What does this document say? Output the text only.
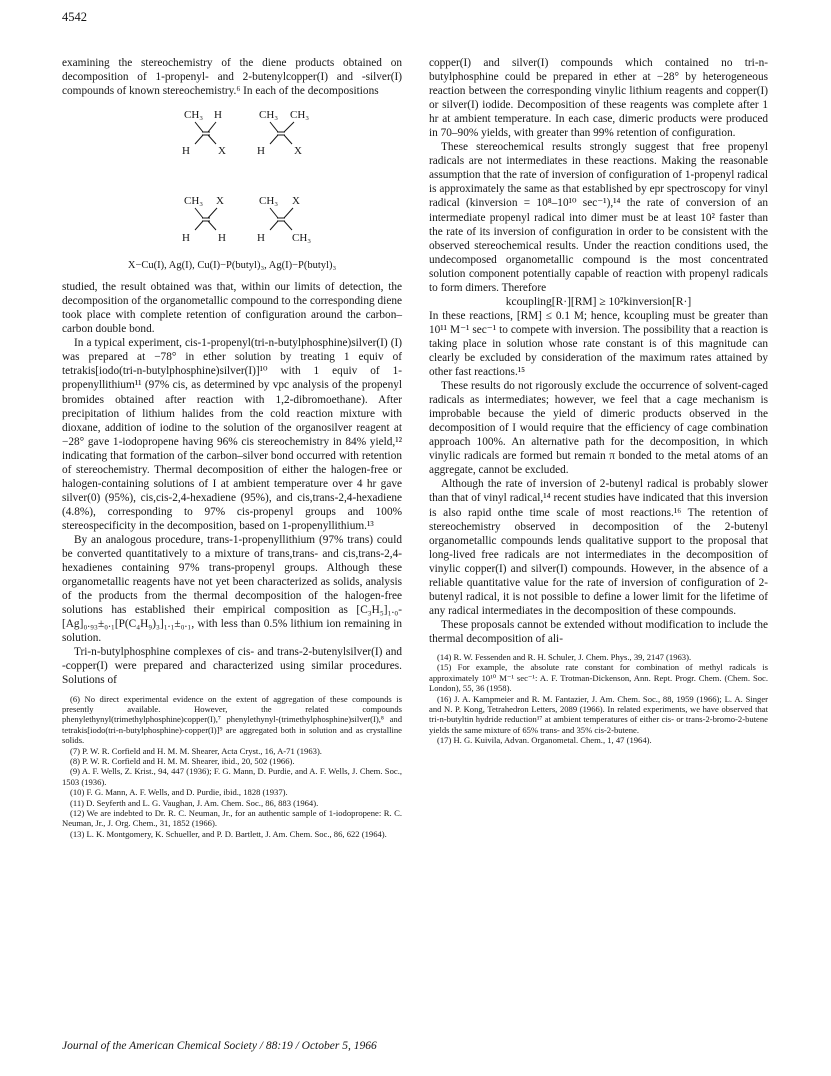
4542

examining the stereochemistry of the diene products obtained on decomposition of 1-propenyl- and 2-butenylcopper(I) and -silver(I) compounds of known stereochemistry.⁶ In each of the decompositions

CH₃ H
H	X
CH₃ CH₃
H	X
CH₃ X
H	H
CH₃ X
H CH₃
X−Cu(I), Ag(I), Cu(I)−P(butyl)₃, Ag(I)−P(butyl)₃

studied, the result obtained was that, within our limits of detection, the decomposition of the organometallic compound to the corresponding diene took place with complete retention of configuration around the carbon–carbon double bond.

In a typical experiment, cis-1-propenyl(tri-n-butylphosphine)silver(I) (I) was prepared at −78° in ether solution by treating 1 equiv of tetrakis[iodo(tri-n-butylphosphine)silver(I)]¹⁰ with 1 equiv of 1-propenyllithium¹¹ (97% cis, as determined by vpc analysis of the propenyl bromides obtained after reaction with 1,2-dibromoethane). After precipitation of lithium halides from the cold reaction mixture with dioxane, addition of iodine to the solution of the organosilver reagent at −28° gave 1-iodopropene having 96% cis stereochemistry in 84% yield,¹² indicating that formation of the carbon–silver bond occurred with retention of stereochemistry. Thermal decomposition of either the halogen-free or halogen-containing solutions of I at ambient temperature over 4 hr gave silver(0) (95%), cis,cis-2,4-hexadiene (95%), and cis,trans-2,4-hexadiene (4.8%), corresponding to 97% cis-propenyl groups and 100% stereospecificity in the decomposition, based on 1-propenyllithium.¹³

By an analogous procedure, trans-1-propenyllithium (97% trans) could be converted quantitatively to a mixture of trans,trans- and cis,trans-2,4-hexadienes containing 97% trans-propenyl groups. Although these organometallic reagents have not yet been characterized as solids, analysis of the products from the thermal decomposition of the halogen-free solutions has established their empirical composition as [C₃H₅]₁.₀-[Ag]₀.₉₃±₀.₁[P(C₄H₉)₃]₁.₁±₀.₁, with less than 0.5% lithium ion remaining in solution.

Tri-n-butylphosphine complexes of cis- and trans-2-butenylsilver(I) and -copper(I) were prepared and characterized using similar procedures. Solutions of

(6) No direct experimental evidence on the extent of aggregation of these compounds is presently available. However, the related compounds phenylethynyl(trimethylphosphine)copper(I),⁷ phenylethynyl-(trimethylphosphine)silver(I),⁸ and tetrakis[iodo(tri-n-butylphosphine)-copper(I)]⁹ are aggregated both in solution and as crystalline solids.
(7) P. W. R. Corfield and H. M. M. Shearer, Acta Cryst., 16, A-71 (1963).
(8) P. W. R. Corfield and H. M. M. Shearer, ibid., 20, 502 (1966).
(9) A. F. Wells, Z. Krist., 94, 447 (1936); F. G. Mann, D. Purdie, and A. F. Wells, J. Chem. Soc., 1503 (1936).
(10) F. G. Mann, A. F. Wells, and D. Purdie, ibid., 1828 (1937).
(11) D. Seyferth and L. G. Vaughan, J. Am. Chem. Soc., 86, 883 (1964).
(12) We are indebted to Dr. R. C. Neuman, Jr., for an authentic sample of 1-iodopropene: R. C. Neuman, Jr., J. Org. Chem., 31, 1852 (1966).
(13) L. K. Montgomery, K. Schueller, and P. D. Bartlett, J. Am. Chem. Soc., 86, 622 (1964).

copper(I) and silver(I) compounds which contained no tri-n-butylphosphine could be prepared in ether at −28° by heterogeneous reaction between the corresponding vinylic lithium reagents and copper(I) or silver(I) iodide. Decomposition of these reagents was complete after 1 hr at ambient temperature. In each case, dimeric products were produced in 70–90% yields, with greater than 99% retention of configuration.

These stereochemical results strongly suggest that free propenyl radicals are not intermediates in these reactions. Making the reasonable assumption that the rate of inversion of configuration of 1-propenyl radical is approximately the same as that established by epr spectroscopy for vinyl radical (kinversion = 10⁸–10¹⁰ sec⁻¹),¹⁴ the rate of conversion of an intermediate propenyl radical into dimer must be at least 10² faster than the rate of its inversion of configuration in order to be consistent with the observed stereochemical results. Under the reaction conditions used, the undecomposed organometallic compound is the most concentrated solution component potentially capable of reaction with propenyl radicals to form dimers. Therefore

kcoupling[R·][RM] ≥ 10²kinversion[R·]

In these reactions, [RM] ≤ 0.1 M; hence, kcoupling must be greater than 10¹¹ M⁻¹ sec⁻¹ to compete with inversion. The possibility that a reaction is taking place in solution whose rate constant is of this magnitude can clearly be excluded by consideration of the maximum rates attained by other fast reactions.¹⁵

These results do not rigorously exclude the occurrence of solvent-caged radicals as intermediates; however, we feel that a cage mechanism is improbable because the yield of dimeric products observed in the decomposition of I would require that the efficiency of cage combination approach 100%. An alternative path for the decomposition, in which vinylic radicals are formed but remain π bonded to the metal atoms of an aggregate, cannot be excluded.

Although the rate of inversion of 2-butenyl radical is probably slower than that of vinyl radical,¹⁴ recent studies have indicated that this inversion is also rapid onthe time scale of most reactions.¹⁶ The retention of stereochemistry observed in decomposition of the 2-butenyl organometallic compounds lends qualitative support to the proposal that long-lived free radicals are not intermediates in the decomposition of vinylic copper(I) and silver(I) compounds. However, in the absence of a reliable quantitative value for the rate of inversion of configuration of 2-butenyl radical, it is not possible to define a lower limit for the lifetime of any radical intermediates in the decomposition of these compounds.

These proposals cannot be extended without modification to include the thermal decomposition of ali-

(14) R. W. Fessenden and R. H. Schuler, J. Chem. Phys., 39, 2147 (1963).
(15) For example, the absolute rate constant for combination of methyl radicals is approximately 10¹⁰ M⁻¹ sec⁻¹: A. F. Trotman-Dickenson, Ann. Rept. Progr. Chem. (Chem. Soc. London), 55, 36 (1958).
(16) J. A. Kampmeier and R. M. Fantazier, J. Am. Chem. Soc., 88, 1959 (1966); L. A. Singer and N. P. Kong, Tetrahedron Letters, 2089 (1966). In related experiments, we have observed that tri-n-butyltin hydride reduction¹⁷ at ambient temperatures of either cis- or trans-2-bromo-2-butene yields the same mixture of 65% trans- and 35% cis-2-butene.
(17) H. G. Kuivila, Advan. Organometal. Chem., 1, 47 (1964).
Journal of the American Chemical Society / 88:19 / October 5, 1966
